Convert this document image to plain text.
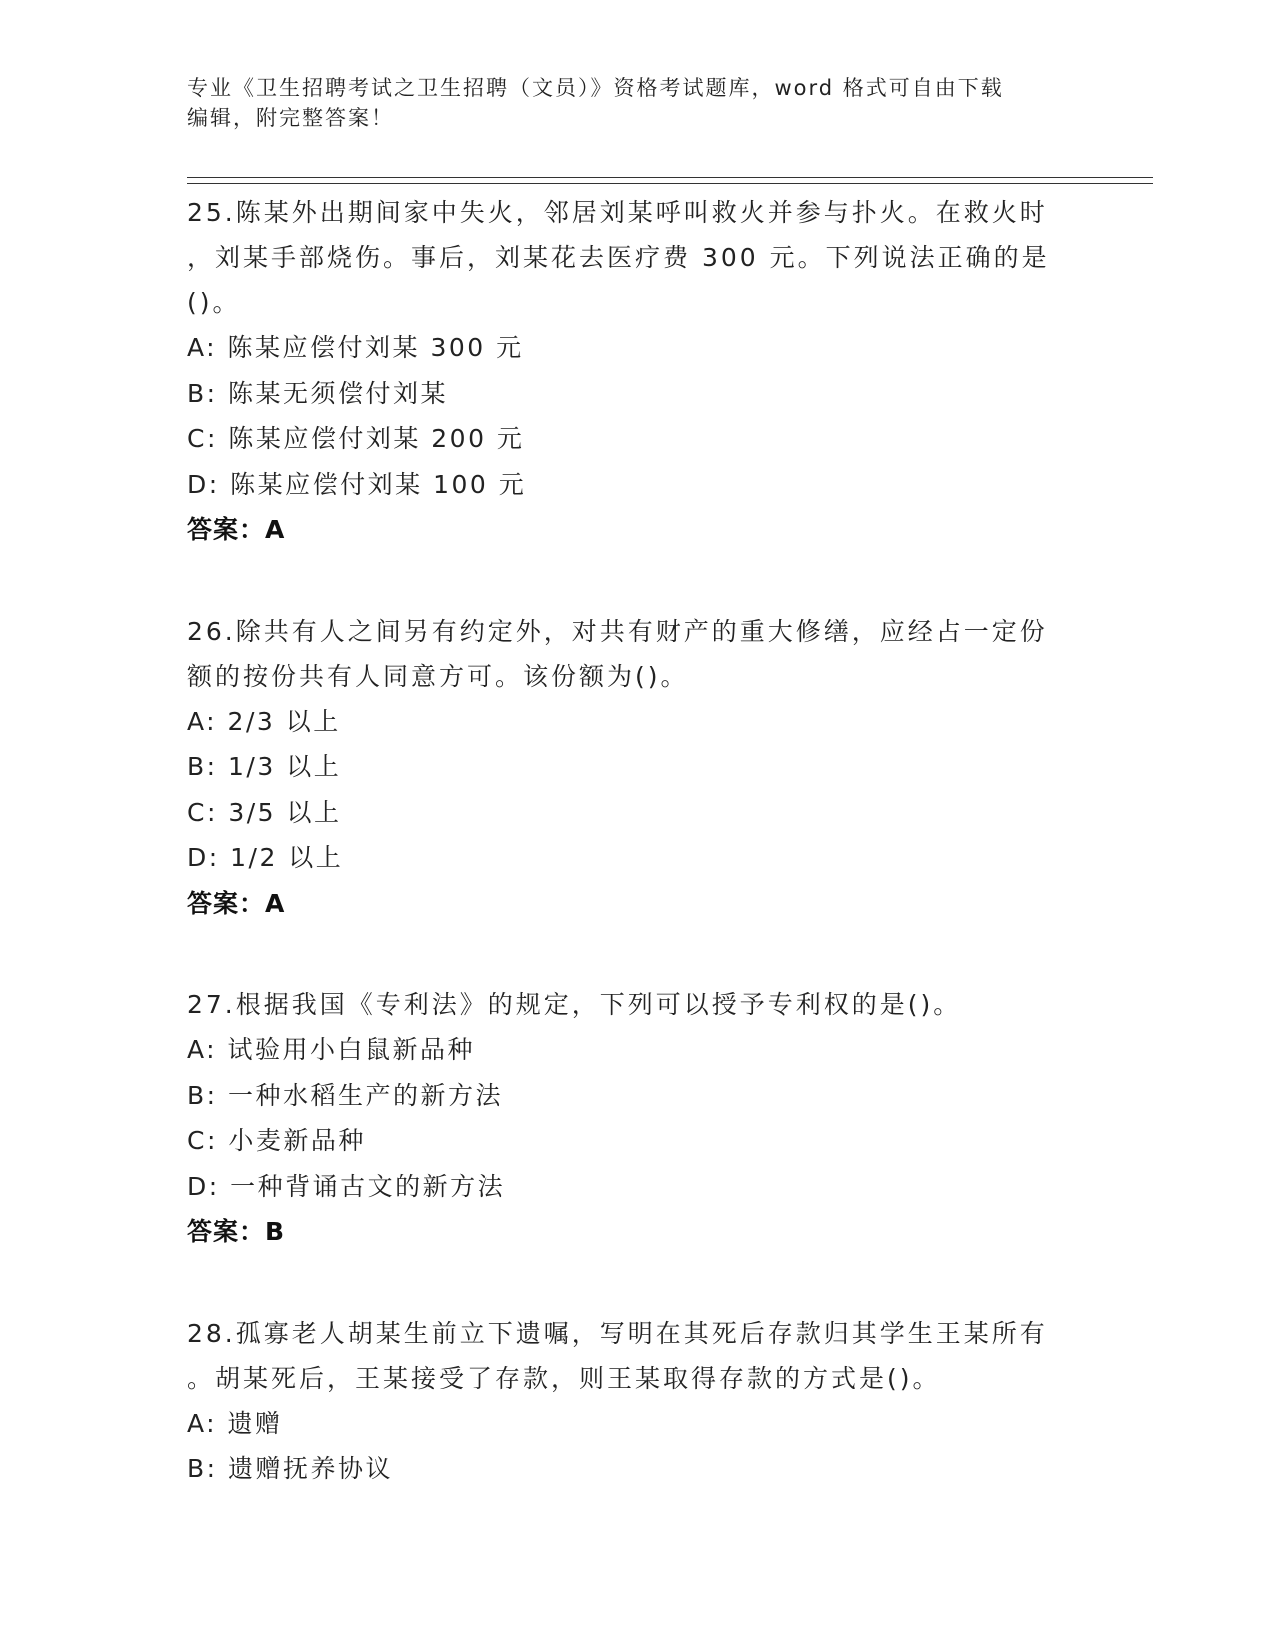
专业《卫生招聘考试之卫生招聘（文员）》资格考试题库，word 格式可自由下载
编辑，附完整答案！
25.陈某外出期间家中失火，邻居刘某呼叫救火并参与扑火。在救火时
，刘某手部烧伤。事后，刘某花去医疗费 300 元。下列说法正确的是
()。
A: 陈某应偿付刘某 300 元
B: 陈某无须偿付刘某
C: 陈某应偿付刘某 200 元
D: 陈某应偿付刘某 100 元
答案：A
26.除共有人之间另有约定外，对共有财产的重大修缮，应经占一定份
额的按份共有人同意方可。该份额为()。
A: 2/3 以上
B: 1/3 以上
C: 3/5 以上
D: 1/2 以上
答案：A
27.根据我国《专利法》的规定，下列可以授予专利权的是()。
A: 试验用小白鼠新品种
B: 一种水稻生产的新方法
C: 小麦新品种
D: 一种背诵古文的新方法
答案：B
28.孤寡老人胡某生前立下遗嘱，写明在其死后存款归其学生王某所有
。胡某死后，王某接受了存款，则王某取得存款的方式是()。
A: 遗赠
B: 遗赠抚养协议
